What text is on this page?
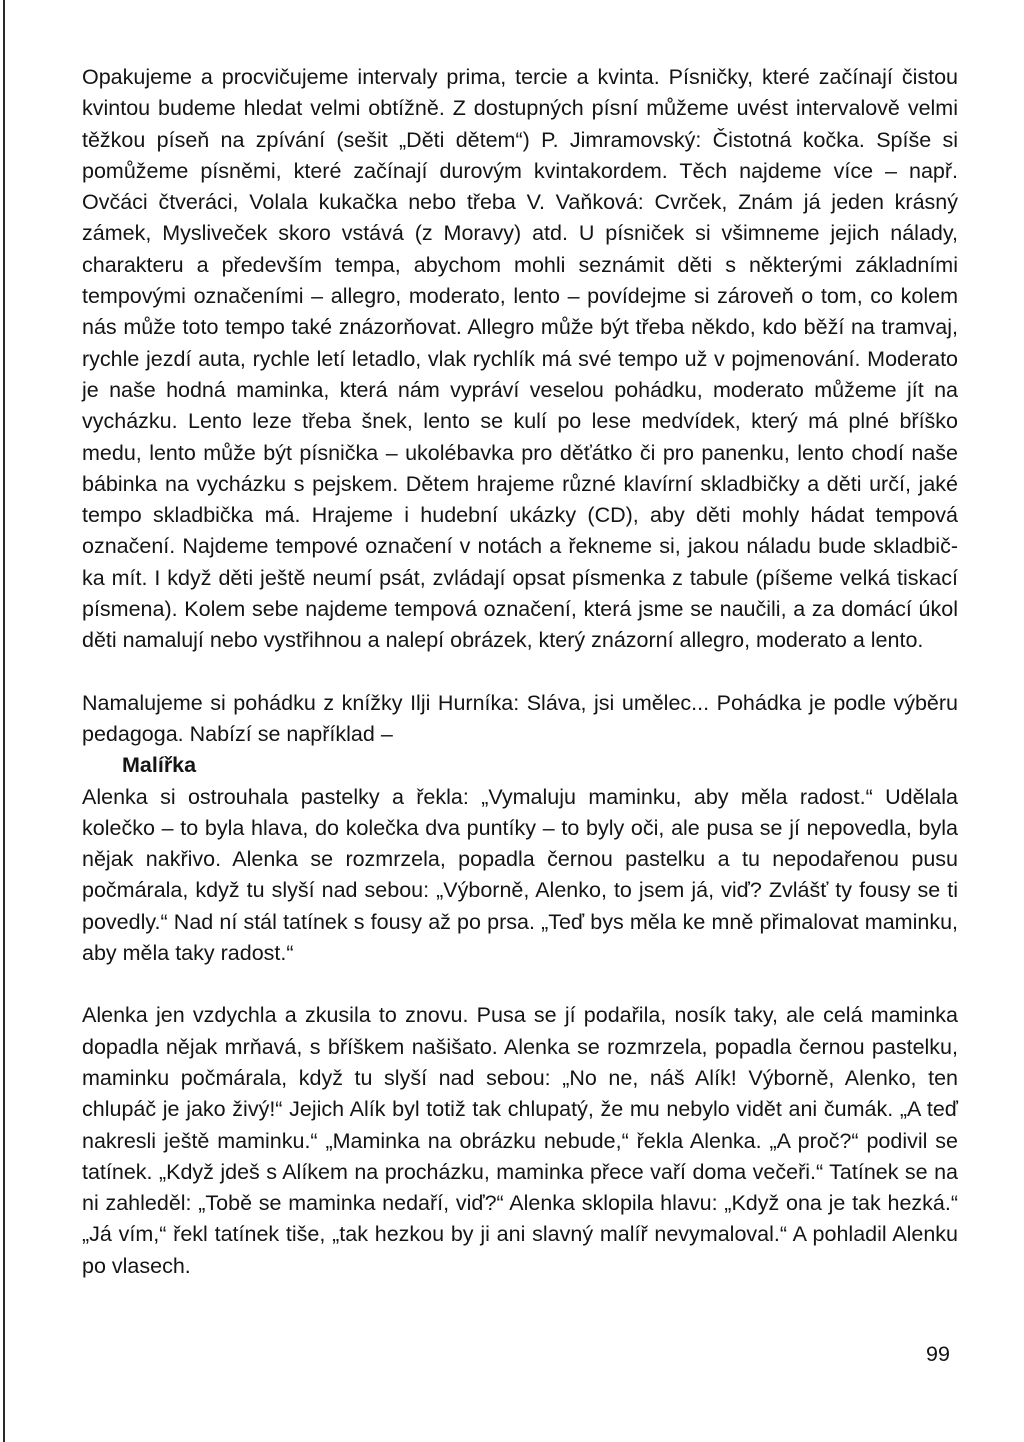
Opakujeme a procvičujeme intervaly prima, tercie a kvinta. Písničky, které začínají čistou kvintou budeme hledat velmi obtížně. Z dostupných písní můžeme uvést intervalově velmi těžkou píseň na zpívání (sešit „Děti dětem“) P. Jimramovský: Čistotná kočka. Spíše si pomůžeme písněmi, které začínají durovým kvintakordem. Těch najdeme více – např. Ovčáci čtveráci, Volala kukačka nebo třeba V. Vaňková: Cvrček, Znám já jeden krásný zámek, Mysliveček skoro vstává (z Moravy) atd. U písniček si všimneme jejich nálady, charakteru a především tempa, abychom mohli seznámit děti s některými základními tempovými označeními – allegro, moderato, lento – povídejme si zároveň o tom, co kolem nás může toto tempo také znázorňovat. Allegro může být třeba někdo, kdo běží na tramvaj, rychle jezdí auta, rychle letí letadlo, vlak rychlík má své tempo už v pojmenování. Moderato je naše hodná maminka, která nám vypráví veselou pohádku, moderato můžeme jít na vycházku. Lento leze třeba šnek, lento se kulí po lese medvídek, který má plné bříško medu, lento může být písnička – ukolébavka pro děťátko či pro panenku, lento chodí naše bábinka na vycházku s pejskem. Dětem hrajeme různé klavírní skladbičky a děti určí, jaké tempo skladbička má. Hrajeme i hudební ukázky (CD), aby děti mohly hádat tempová označení. Najdeme tempové označení v notách a řekneme si, jakou náladu bude skladbička mít. I když děti ještě neumí psát, zvládají opsat písmenka z tabule (píšeme velká tiskací písmena). Kolem sebe najdeme tempová označení, která jsme se naučili, a za domácí úkol děti namalují nebo vystřihnou a nalepí obrázek, který znázorní allegro, moderato a lento.

Namalujeme si pohádku z knížky Ilji Hurníka: Sláva, jsi umělec... Pohádka je podle výběru pedagoga. Nabízí se například –

Malířka

Alenka si ostrouhala pastelky a řekla: „Vymaluju maminku, aby měla radost.“ Udělala kolečko – to byla hlava, do kolečka dva puntíky – to byly oči, ale pusa se jí nepovedla, byla nějak nakřivo. Alenka se rozmrzela, popadla černou pastelku a tu nepodařenou pusu počmárala, když tu slyší nad sebou: „Výborně, Alenko, to jsem já, viď? Zvlášť ty fousy se ti povedly.“ Nad ní stál tatínek s fousy až po prsa. „Teď bys měla ke mně přimalovat maminku, aby měla taky radost.“

Alenka jen vzdychla a zkusila to znovu. Pusa se jí podařila, nosík taky, ale celá maminka dopadla nějak mrňavá, s bříškem našišato. Alenka se rozmrzela, popadla černou pastelku, maminku počmárala, když tu slyší nad sebou: „No ne, náš Alík! Výborně, Alenko, ten chlupáč je jako živý!“ Jejich Alík byl totiž tak chlupatý, že mu nebylo vidět ani čumák. „A teď nakresli ještě maminku.“ „Maminka na obrázku nebude,“ řekla Alenka. „A proč?“ podivil se tatínek. „Když jdeš s Alíkem na procházku, maminka přece vaří doma večeři.“ Tatínek se na ni zahleděl: „Tobě se maminka nedaří, viď?“ Alenka sklopila hlavu: „Když ona je tak hezká.“ „Já vím,“ řekl tatínek tiše, „tak hezkou by ji ani slavný malíř nevymaloval.“ A pohladil Alenku po vlasech.

99
